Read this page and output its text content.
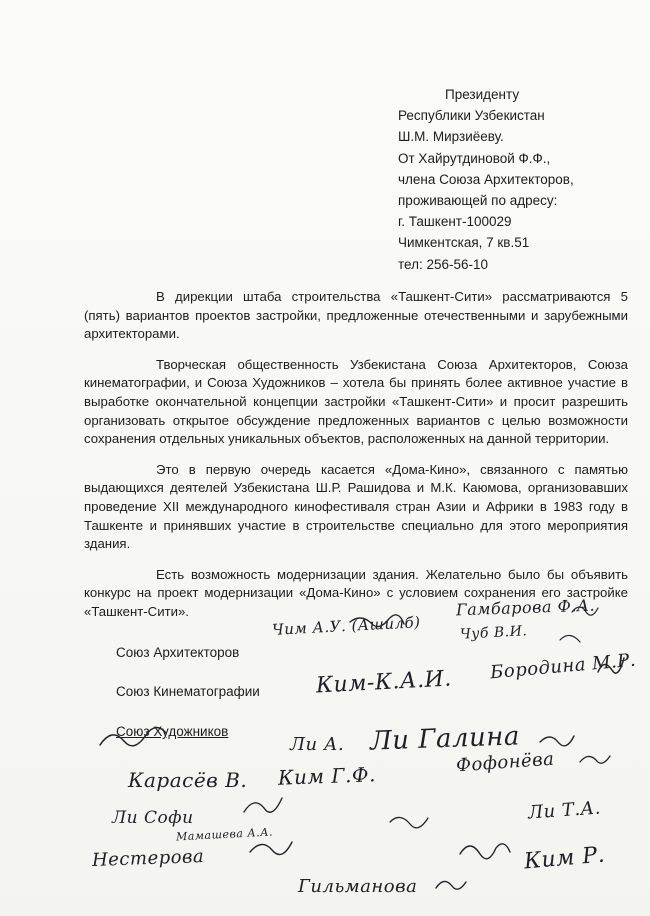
Президенту
Республики Узбекистан
Ш.М. Мирзиёеву.
От Хайрутдиновой Ф.Ф.,
члена Союза Архитекторов,
проживающей по адресу:
г. Ташкент-100029
Чимкентская, 7 кв.51
тел: 256-56-10

В дирекции штаба строительства «Ташкент-Сити» рассматриваются 5 (пять) вариантов проектов застройки, предложенные отечественными и зарубежными архитекторами.

Творческая общественность Узбекистана Союза Архитекторов, Союза кинематографии, и Союза Художников – хотела бы принять более активное участие в выработке окончательной концепции застройки «Ташкент-Сити» и просит разрешить организовать открытое обсуждение предложенных вариантов с целью возможности сохранения отдельных уникальных объектов, расположенных на данной территории.

Это в первую очередь касается «Дома-Кино», связанного с памятью выдающихся деятелей Узбекистана Ш.Р. Рашидова и М.К. Каюмова, организовавших проведение XII международного кинофестиваля стран Азии и Африки в 1983 году в Ташкенте и принявших участие в строительстве специально для этого мероприятия здания.

Есть возможность модернизации здания. Желательно было бы объявить конкурс на проект модернизации «Дома-Кино» с условием сохранения его застройке «Ташкент-Сити».

Союз Архитекторов
Союз Кинематографии
Союз Художников
Чим А.У. (Ашилб)
Гамбарова Ф.А.
Чуб В.И.
Ким-К.А.И. Бородина М.Р.
Ли А. Ли Галина
Карасёв В. Ким Г.Ф.	Фофонёва
Ли Софи	Ли Т.А.
Мамашева А.А.
Нестерова	Ким Р.
Гильманова
